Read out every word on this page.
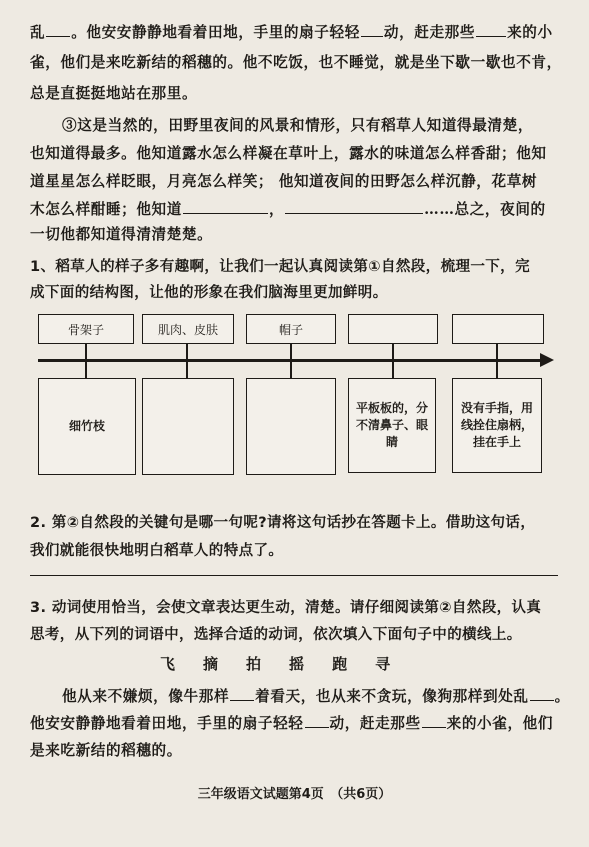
乱 。他安安静静地看着田地，手里的扇子轻轻 动，赶走那些 来的小
雀，他们是来吃新结的稻穗的。他不吃饭，也不睡觉，就是坐下歇一歇也不肯，
总是直挺挺地站在那里。
③这是当然的，田野里夜间的风景和情形，只有稻草人知道得最清楚，
也知道得最多。他知道露水怎么样凝在草叶上，露水的味道怎么样香甜；他知
道星星怎么样眨眼，月亮怎么样笑； 他知道夜间的田野怎么样沉静，花草树
木怎么样酣睡；他知道	，	……总之，夜间的
一切他都知道得清清楚楚。
1、稻草人的样子多有趣啊，让我们一起认真阅读第①自然段，梳理一下，完
成下面的结构图，让他的形象在我们脑海里更加鲜明。
骨架子	肌肉、皮肤	帽子
细竹枝
平板板的，分不清鼻子、眼睛
没有手指，用线拴住扇柄，挂在手上
2. 第②自然段的关键句是哪一句呢?请将这句话抄在答题卡上。借助这句话，
我们就能很快地明白稻草人的特点了。
3. 动词使用恰当，会使文章表达更生动，清楚。请仔细阅读第②自然段，认真
思考，从下列的词语中，选择合适的动词，依次填入下面句子中的横线上。
飞 摘 拍 摇 跑 寻
他从来不嫌烦，像牛那样 着看天，也从来不贪玩，像狗那样到处乱 。
他安安静静地看着田地，手里的扇子轻轻 动，赶走那些 来的小雀，他们
是来吃新结的稻穗的。
三年级语文试题第4页　（共6页）
